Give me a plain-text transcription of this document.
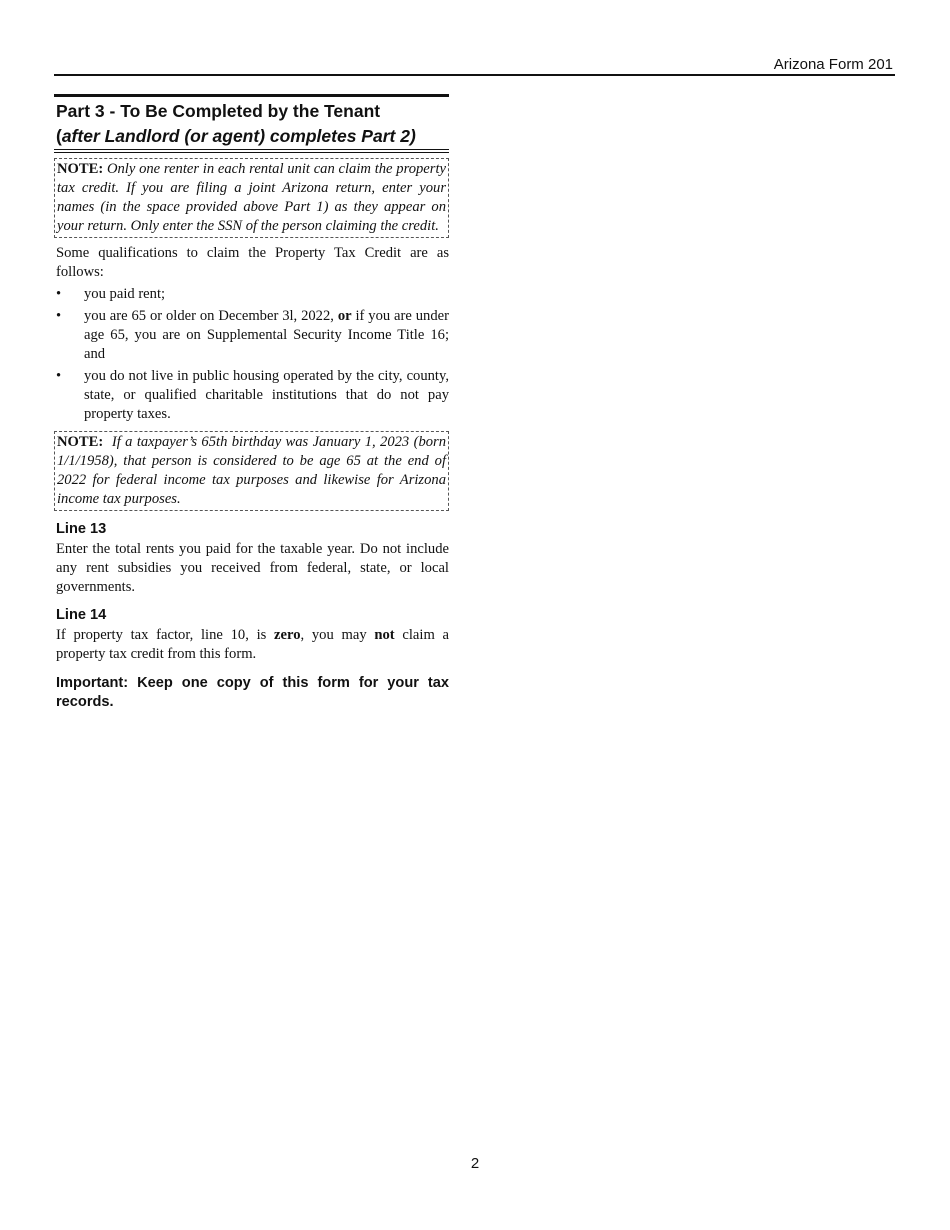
Arizona Form 201
Part 3 - To Be Completed by the Tenant
(after Landlord (or agent) completes Part 2)
NOTE: Only one renter in each rental unit can claim the property tax credit. If you are filing a joint Arizona return, enter your names (in the space provided above Part 1) as they appear on your return. Only enter the SSN of the person claiming the credit.
Some qualifications to claim the Property Tax Credit are as follows:
• you paid rent;
• you are 65 or older on December 3l, 2022, or if you are under age 65, you are on Supplemental Security Income Title 16; and
• you do not live in public housing operated by the city, county, state, or qualified charitable institutions that do not pay property taxes.
NOTE: If a taxpayer’s 65th birthday was January 1, 2023 (born 1/1/1958), that person is considered to be age 65 at the end of 2022 for federal income tax purposes and likewise for Arizona income tax purposes.
Line 13
Enter the total rents you paid for the taxable year. Do not include any rent subsidies you received from federal, state, or local governments.
Line 14
If property tax factor, line 10, is zero, you may not claim a property tax credit from this form.
Important: Keep one copy of this form for your tax records.
2
